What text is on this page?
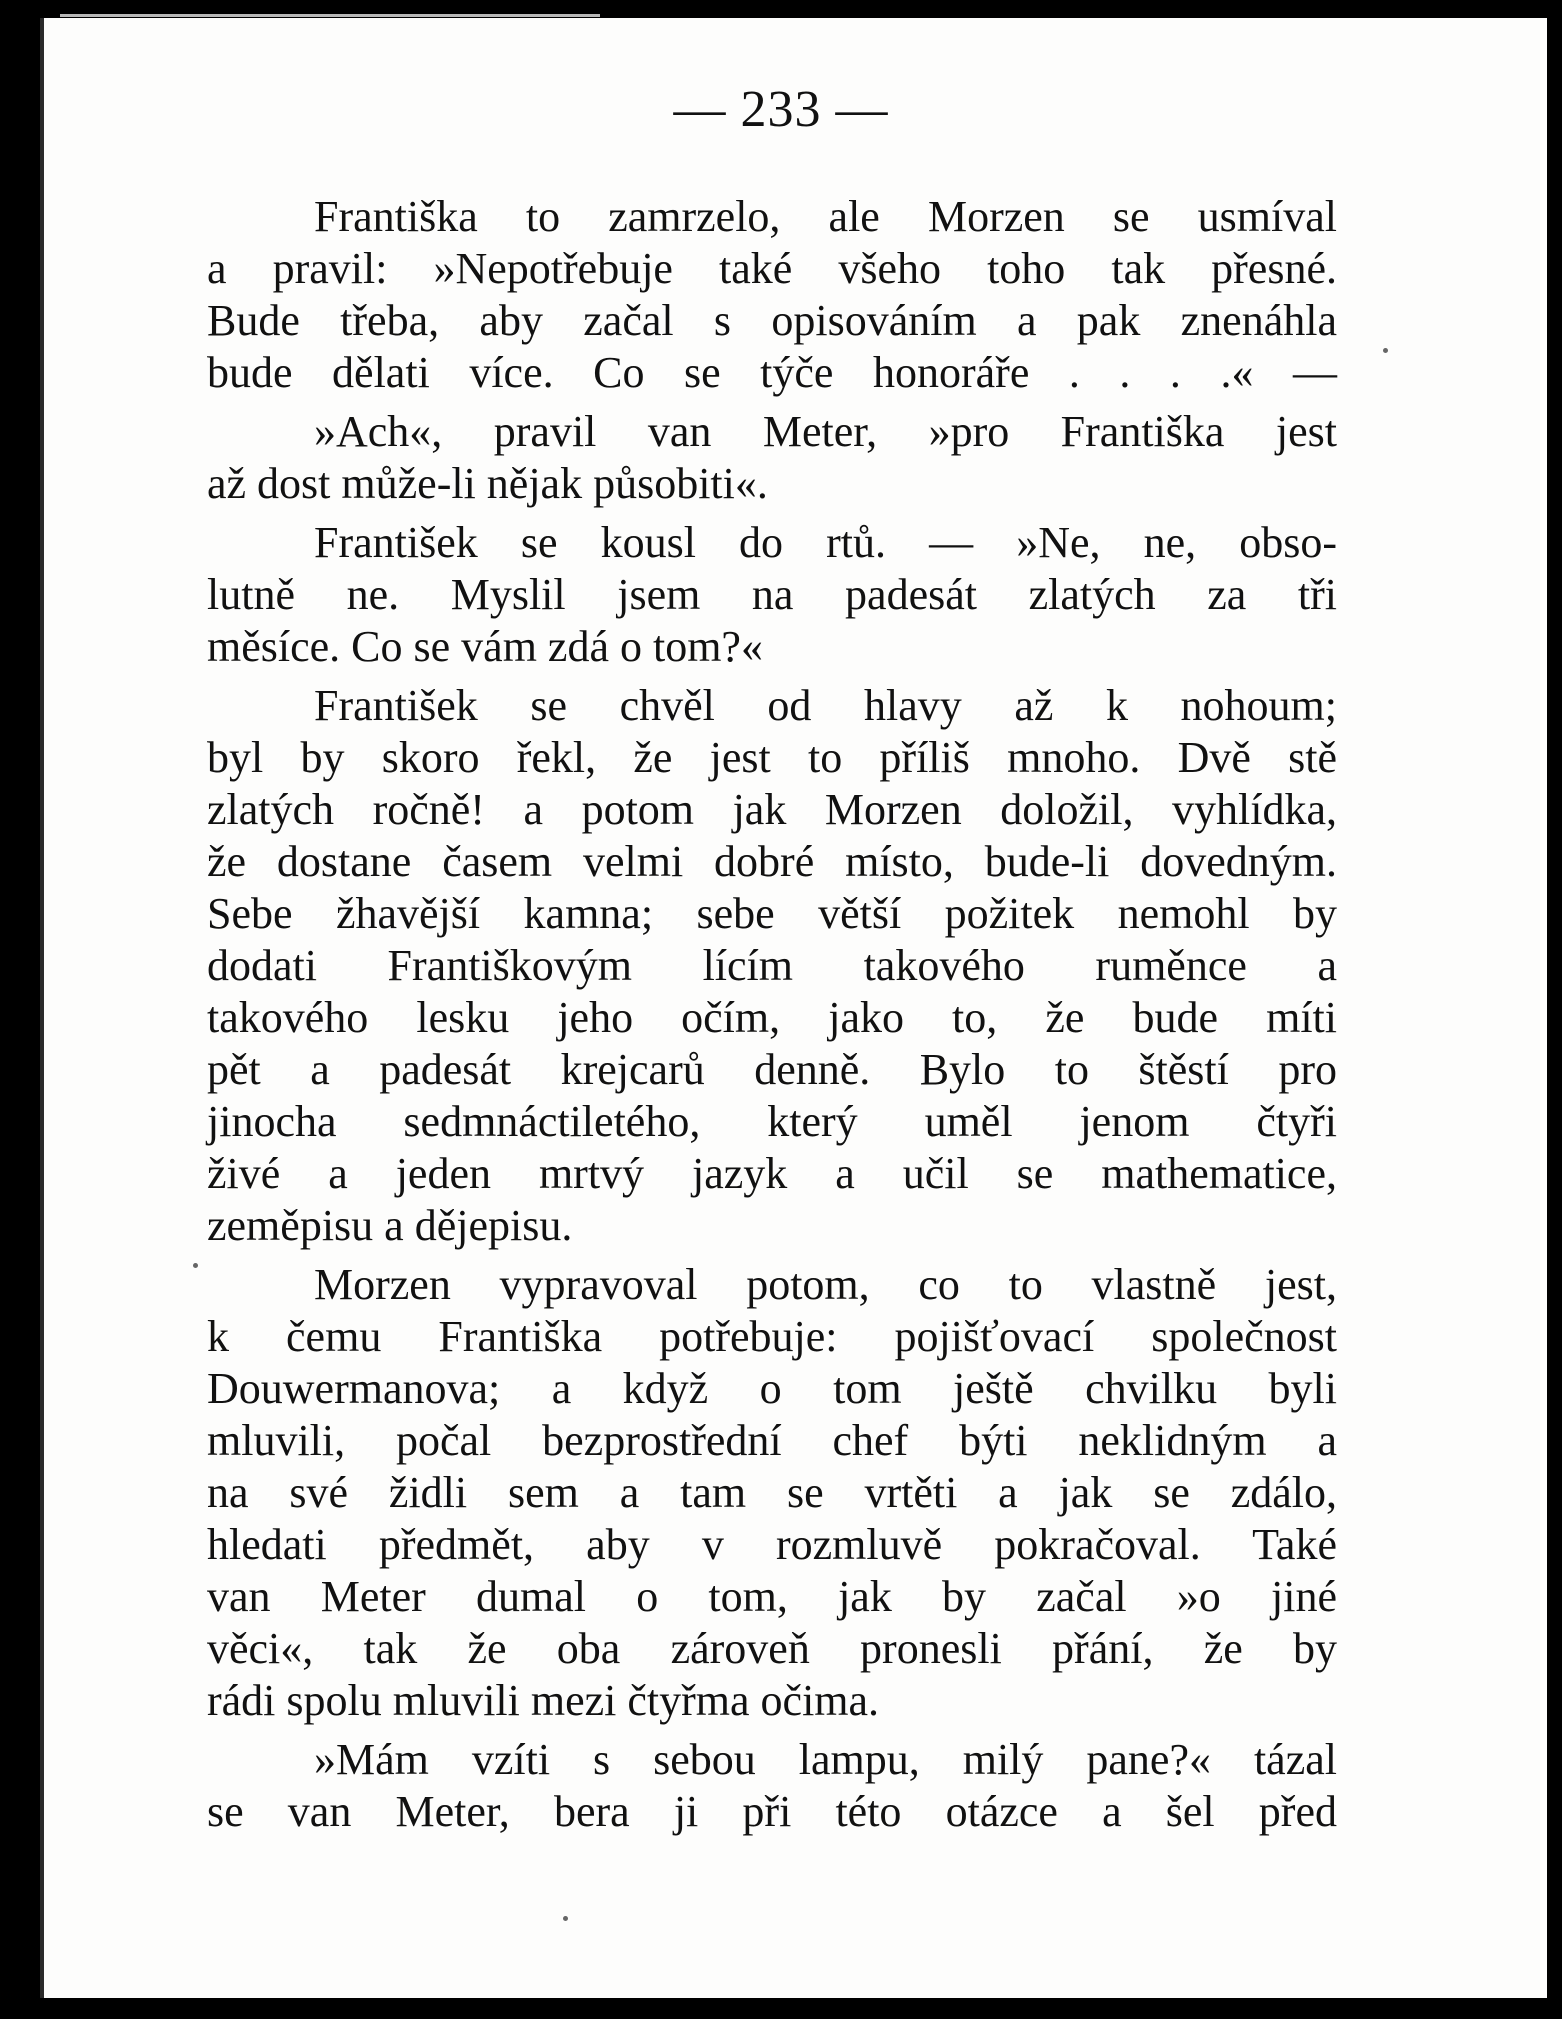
— 233 —
Františka to zamrzelo, ale Morzen se usmíval
a pravil: »Nepotřebuje také všeho toho tak přesné.
Bude třeba, aby začal s opisováním a pak znenáhla
bude dělati více. Co se týče honoráře . . . .« —
»Ach«, pravil van Meter, »pro Františka jest
až dost může-li nějak působiti«.
František se kousl do rtů. — »Ne, ne, obso-
lutně ne. Myslil jsem na padesát zlatých za tři
měsíce. Co se vám zdá o tom?«
František se chvěl od hlavy až k nohoum;
byl by skoro řekl, že jest to příliš mnoho. Dvě stě
zlatých ročně! a potom jak Morzen doložil, vyhlídka,
že dostane časem velmi dobré místo, bude-li dovedným.
Sebe žhavější kamna; sebe větší požitek nemohl by
dodati Františkovým lícím takového ruměnce a
takového lesku jeho očím, jako to, že bude míti
pět a padesát krejcarů denně. Bylo to štěstí pro
jinocha sedmnáctiletého, který uměl jenom čtyři
živé a jeden mrtvý jazyk a učil se mathematice,
zeměpisu a dějepisu.
Morzen vypravoval potom, co to vlastně jest,
k čemu Františka potřebuje: pojišťovací společnost
Douwermanova; a když o tom ještě chvilku byli
mluvili, počal bezprostřední chef býti neklidným a
na své židli sem a tam se vrtěti a jak se zdálo,
hledati předmět, aby v rozmluvě pokračoval. Také
van Meter dumal o tom, jak by začal »o jiné
věci«, tak že oba zároveň pronesli přání, že by
rádi spolu mluvili mezi čtyřma očima.
»Mám vzíti s sebou lampu, milý pane?« tázal
se van Meter, bera ji při této otázce a šel před
